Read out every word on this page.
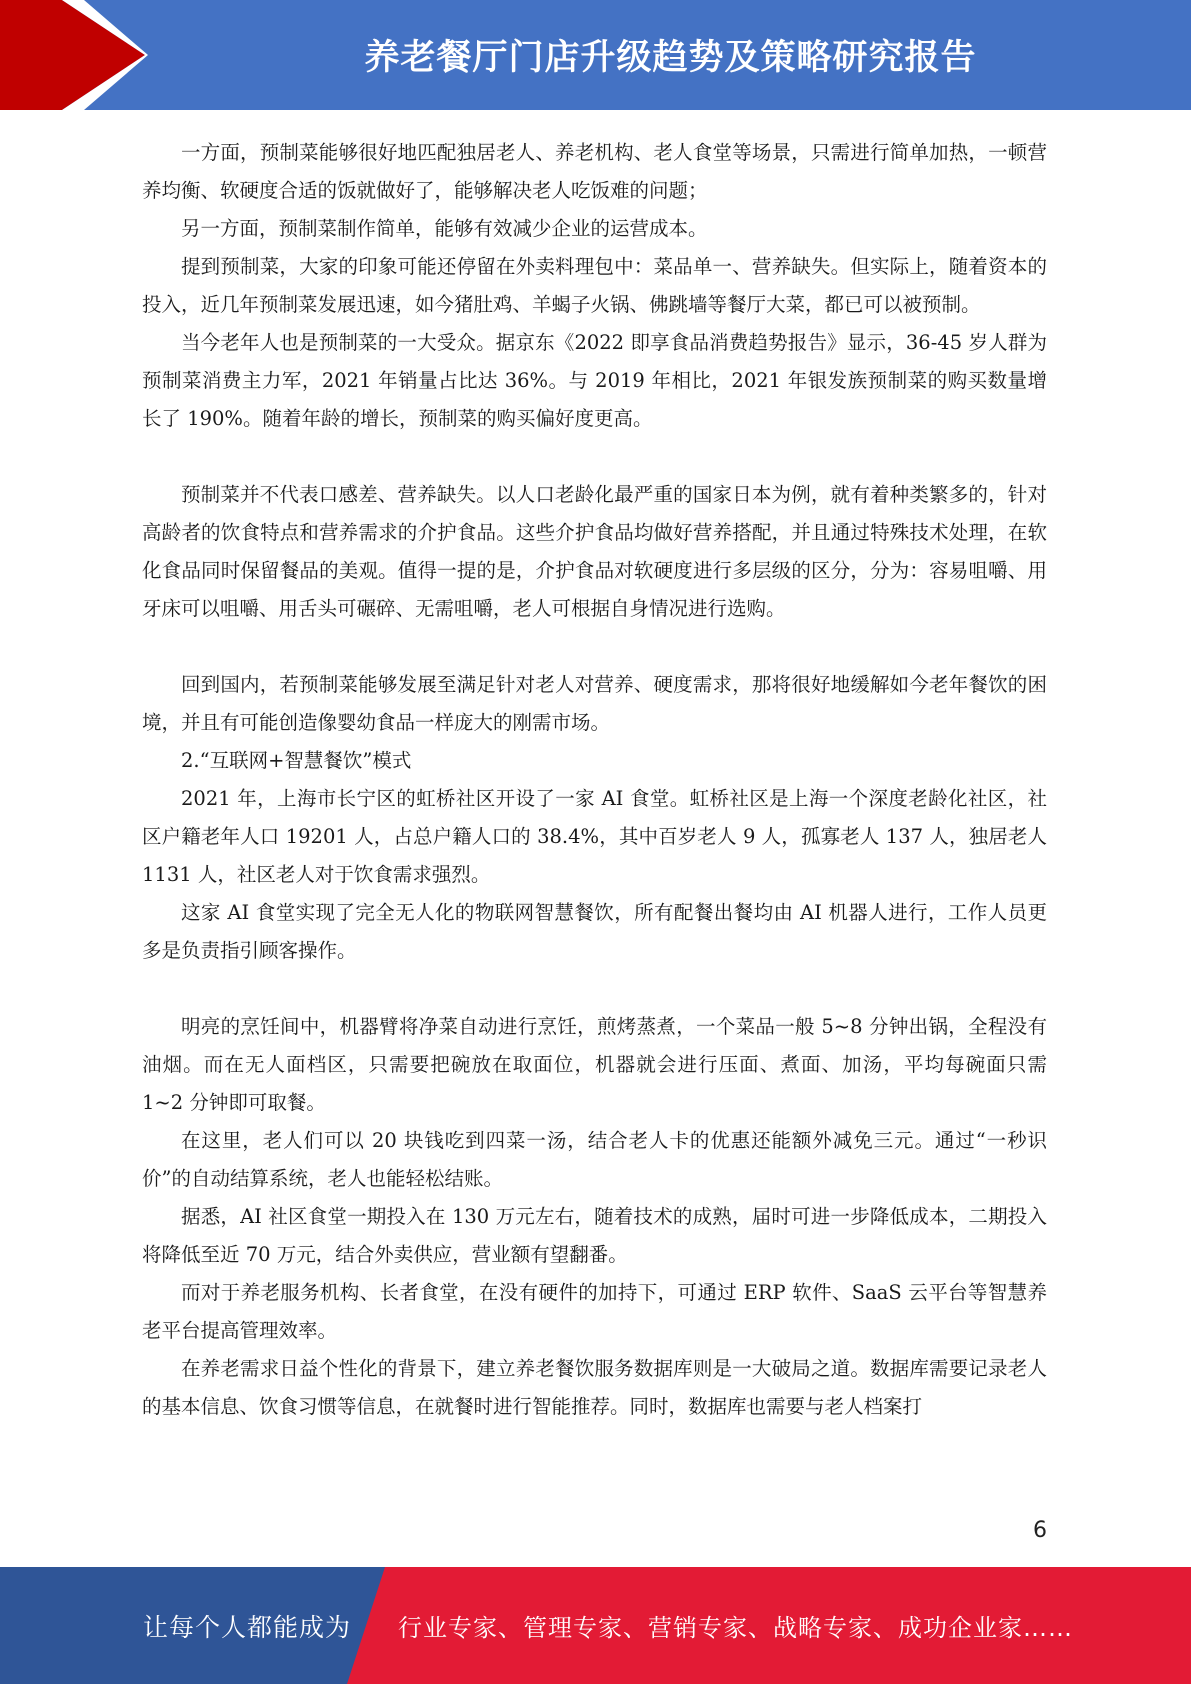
养老餐厅门店升级趋势及策略研究报告

一方面，预制菜能够很好地匹配独居老人、养老机构、老人食堂等场景，只需进行简单加热，一顿营养均衡、软硬度合适的饭就做好了，能够解决老人吃饭难的问题；

另一方面，预制菜制作简单，能够有效减少企业的运营成本。

提到预制菜，大家的印象可能还停留在外卖料理包中：菜品单一、营养缺失。但实际上，随着资本的投入，近几年预制菜发展迅速，如今猪肚鸡、羊蝎子火锅、佛跳墙等餐厅大菜，都已可以被预制。

当今老年人也是预制菜的一大受众。据京东《2022 即享食品消费趋势报告》显示，36-45 岁人群为预制菜消费主力军，2021 年销量占比达 36%。与 2019 年相比，2021 年银发族预制菜的购买数量增长了 190%。随着年龄的增长，预制菜的购买偏好度更高。

预制菜并不代表口感差、营养缺失。以人口老龄化最严重的国家日本为例，就有着种类繁多的，针对高龄者的饮食特点和营养需求的介护食品。这些介护食品均做好营养搭配，并且通过特殊技术处理，在软化食品同时保留餐品的美观。值得一提的是，介护食品对软硬度进行多层级的区分，分为：容易咀嚼、用牙床可以咀嚼、用舌头可碾碎、无需咀嚼，老人可根据自身情况进行选购。

回到国内，若预制菜能够发展至满足针对老人对营养、硬度需求，那将很好地缓解如今老年餐饮的困境，并且有可能创造像婴幼食品一样庞大的刚需市场。

2.“互联网+智慧餐饮”模式

2021 年，上海市长宁区的虹桥社区开设了一家 AI 食堂。虹桥社区是上海一个深度老龄化社区，社区户籍老年人口 19201 人，占总户籍人口的 38.4%，其中百岁老人 9 人，孤寡老人 137 人，独居老人 1131 人，社区老人对于饮食需求强烈。

这家 AI 食堂实现了完全无人化的物联网智慧餐饮，所有配餐出餐均由 AI 机器人进行，工作人员更多是负责指引顾客操作。

明亮的烹饪间中，机器臂将净菜自动进行烹饪，煎烤蒸煮，一个菜品一般 5~8 分钟出锅，全程没有油烟。而在无人面档区，只需要把碗放在取面位，机器就会进行压面、煮面、加汤，平均每碗面只需 1~2 分钟即可取餐。

在这里，老人们可以 20 块钱吃到四菜一汤，结合老人卡的优惠还能额外减免三元。通过“一秒识价”的自动结算系统，老人也能轻松结账。

据悉，AI 社区食堂一期投入在 130 万元左右，随着技术的成熟，届时可进一步降低成本，二期投入将降低至近 70 万元，结合外卖供应，营业额有望翻番。

而对于养老服务机构、长者食堂，在没有硬件的加持下，可通过 ERP 软件、SaaS 云平台等智慧养老平台提高管理效率。

在养老需求日益个性化的背景下，建立养老餐饮服务数据库则是一大破局之道。数据库需要记录老人的基本信息、饮食习惯等信息，在就餐时进行智能推荐。同时，数据库也需要与老人档案打

6
让每个人都能成为 行业专家、管理专家、营销专家、战略专家、成功企业家……
